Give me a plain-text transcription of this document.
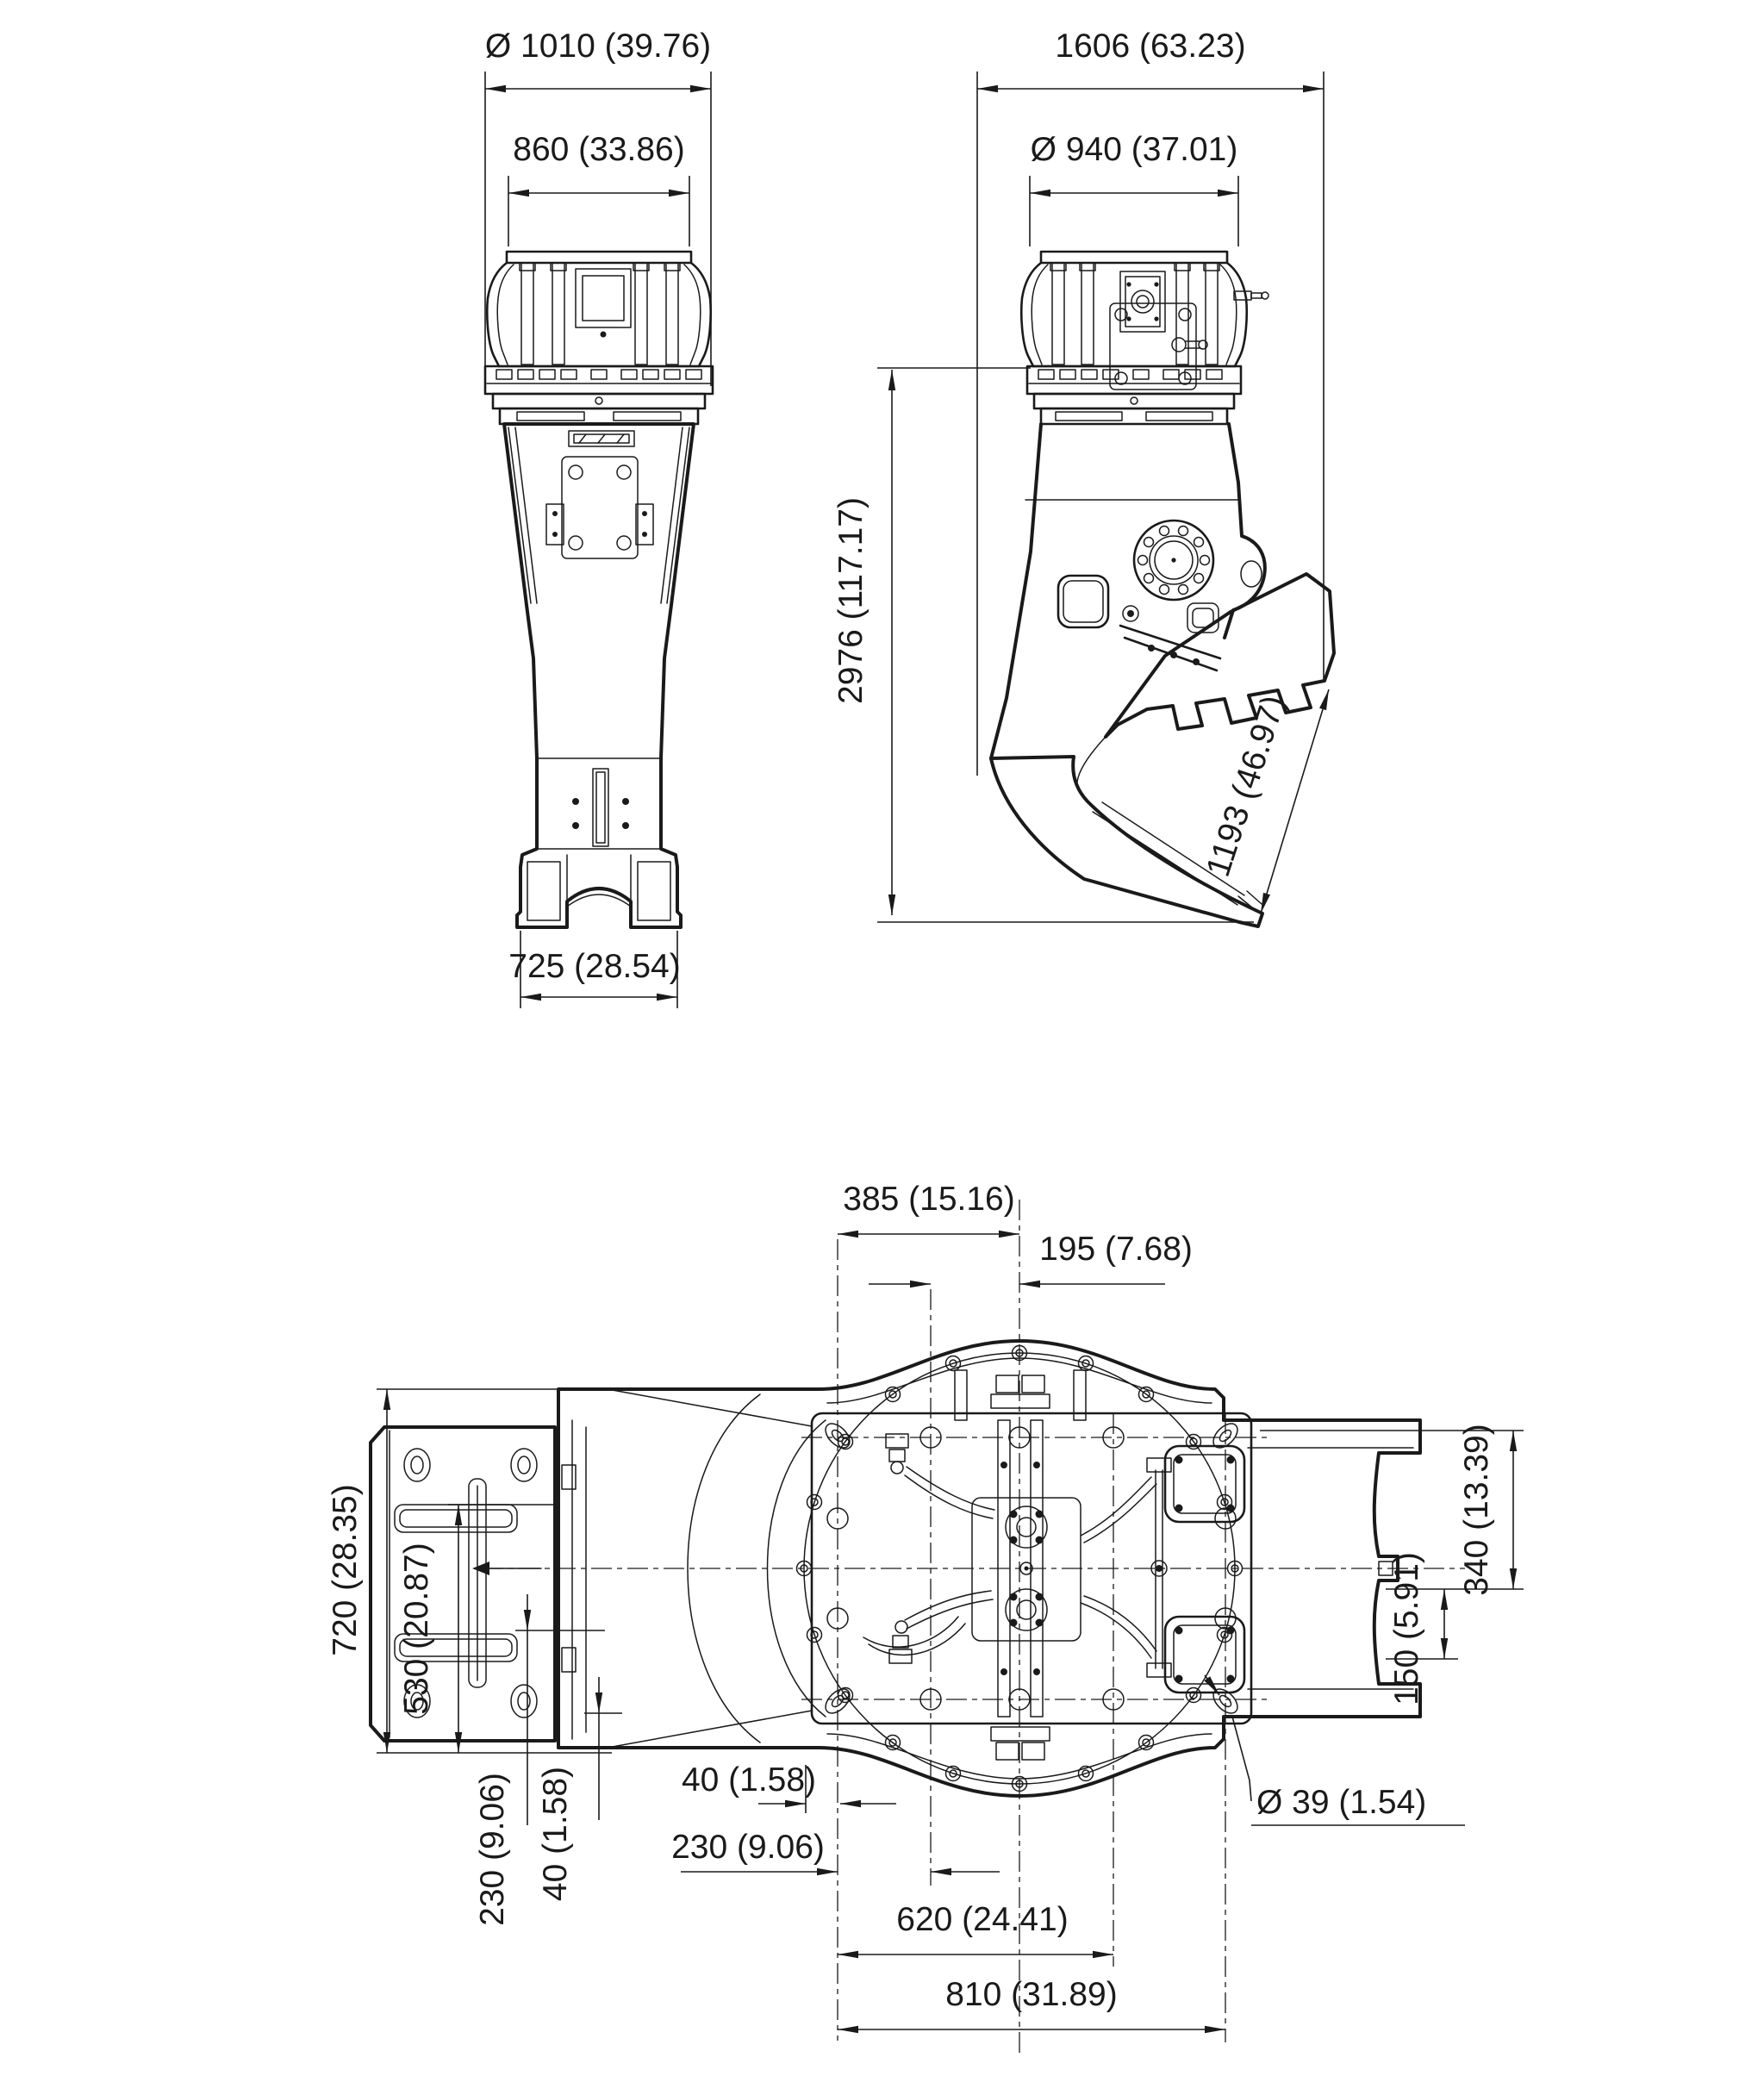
Ø 1010 (39.76)
860 (33.86)
725 (28.54)
1606 (63.23)
Ø 940 (37.01)
2976 (117.17)
1193 (46.97)
385 (15.16)
195 (7.68)
720 (28.35) 530 (20.87)
230 (9.06) 40 (1.58)	40 (1.58)
230 (9.06)
620 (24.41)
810 (31.89)
340 (13.39)
150 (5.91)
Ø 39 (1.54)
